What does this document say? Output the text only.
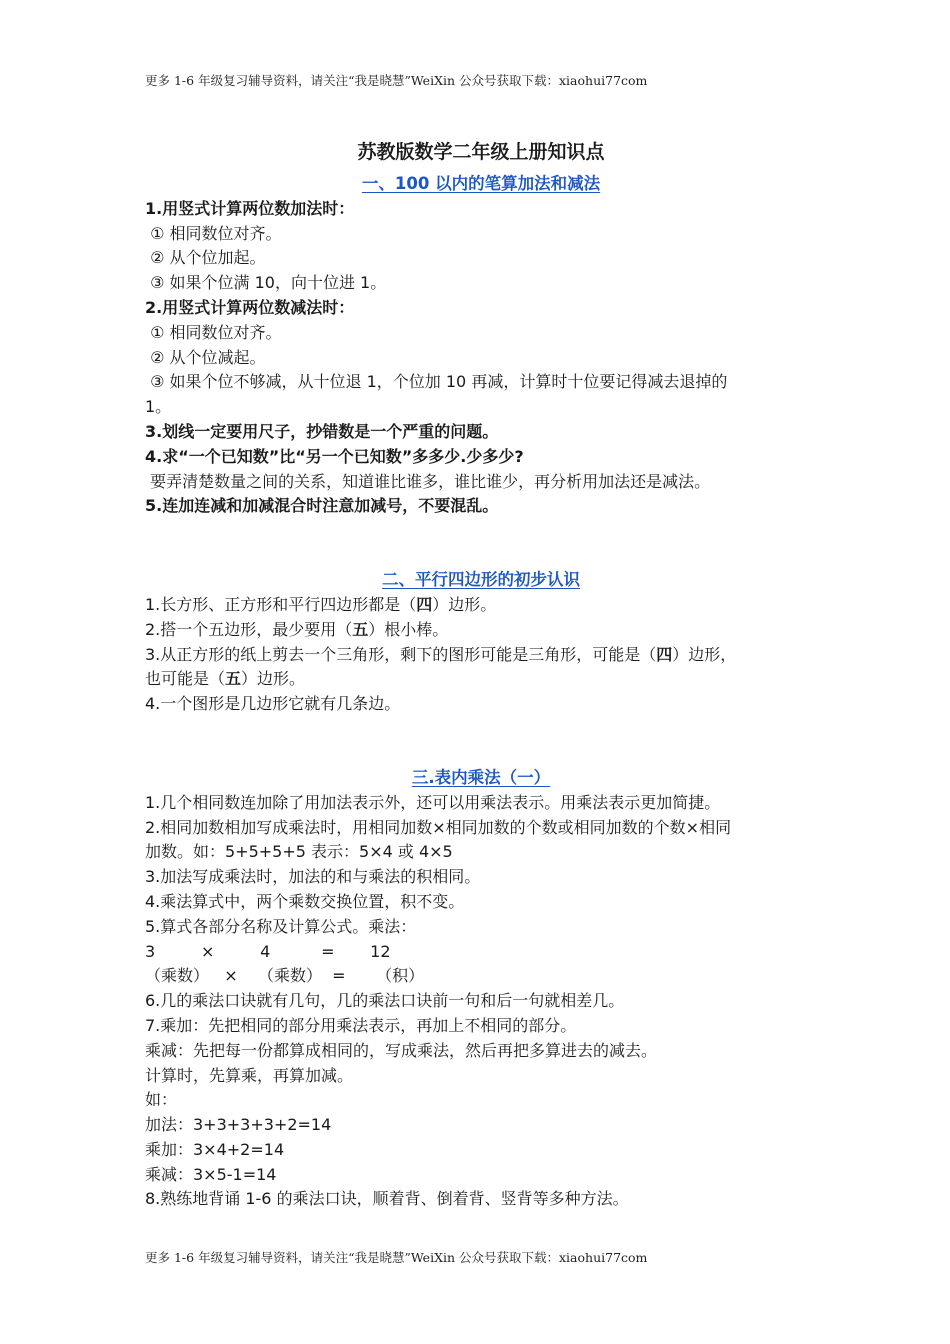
更多 1-6 年级复习辅导资料，请关注“我是晓慧”WeiXin 公众号获取下载：xiaohui77com
苏教版数学二年级上册知识点
一、100 以内的笔算加法和减法
1.用竖式计算两位数加法时：
① 相同数位对齐。
② 从个位加起。
③ 如果个位满 10，向十位进 1。
2.用竖式计算两位数减法时：
① 相同数位对齐。
② 从个位减起。
③ 如果个位不够减，从十位退 1，个位加 10 再减，计算时十位要记得减去退掉的
1。
3.划线一定要用尺子，抄错数是一个严重的问题。
4.求“一个已知数”比“另一个已知数”多多少.少多少?
要弄清楚数量之间的关系，知道谁比谁多，谁比谁少，再分析用加法还是减法。
5.连加连减和加减混合时注意加减号，不要混乱。
二、平行四边形的初步认识
1.长方形、正方形和平行四边形都是（四）边形。
2.搭一个五边形，最少要用（五）根小棒。
3.从正方形的纸上剪去一个三角形，剩下的图形可能是三角形，可能是（四）边形，
也可能是（五）边形。
4.一个图形是几边形它就有几条边。
三.表内乘法（一）
1.几个相同数连加除了用加法表示外，还可以用乘法表示。用乘法表示更加简捷。
2.相同加数相加写成乘法时，用相同加数×相同加数的个数或相同加数的个数×相同
加数。如：5+5+5+5 表示：5×4 或 4×5
3.加法写成乘法时，加法的和与乘法的积相同。
4.乘法算式中，两个乘数交换位置，积不变。
5.算式各部分名称及计算公式。乘法：
3         ×         4          =       12
（乘数）   ×    （乘数）  =      （积）
6.几的乘法口诀就有几句，几的乘法口诀前一句和后一句就相差几。
7.乘加：先把相同的部分用乘法表示，再加上不相同的部分。
乘减：先把每一份都算成相同的，写成乘法，然后再把多算进去的减去。
计算时，先算乘，再算加减。
如：
加法：3+3+3+3+2=14
乘加：3×4+2=14
乘减：3×5-1=14
8.熟练地背诵 1-6 的乘法口诀，顺着背、倒着背、竖背等多种方法。
更多 1-6 年级复习辅导资料，请关注“我是晓慧”WeiXin 公众号获取下载：xiaohui77com
